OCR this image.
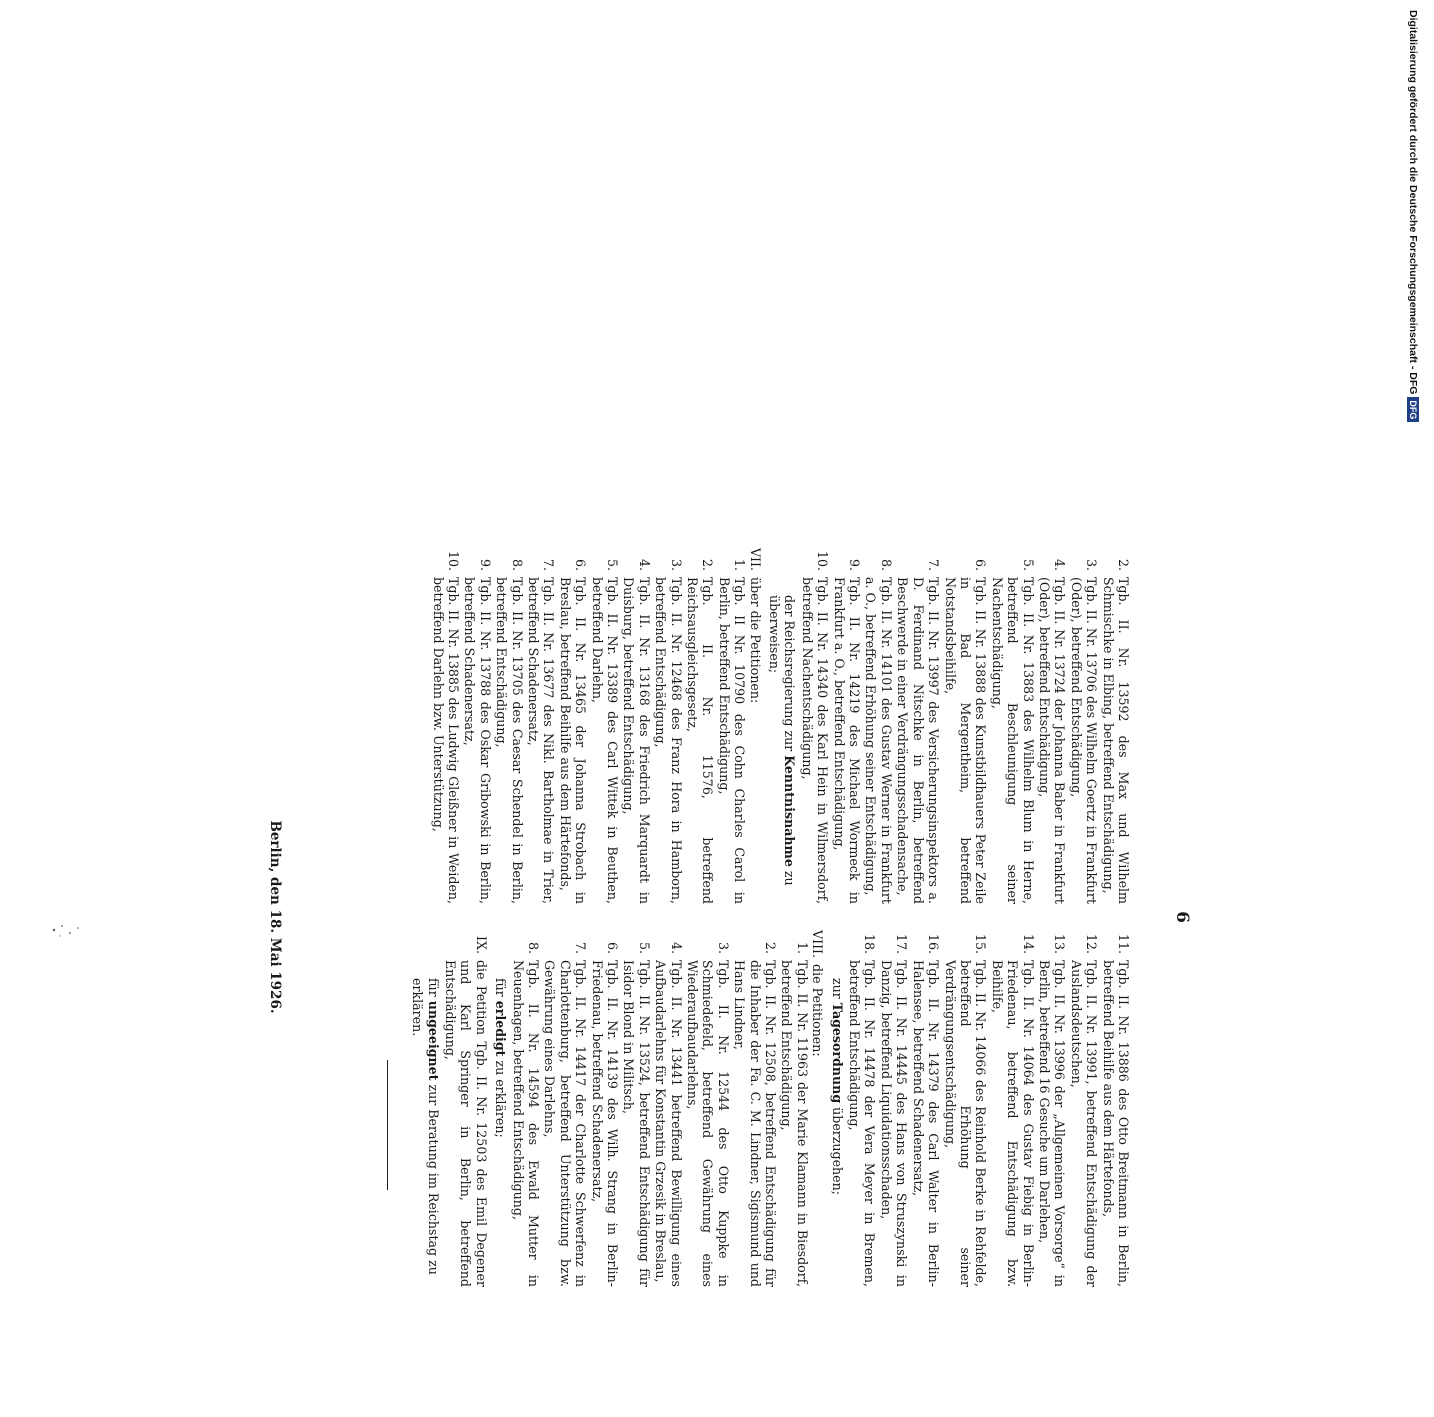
Digitalisierung gefördert durch die Deutsche Forschungsgemeinschaft - DFG DFG
6
2.
Tgb. II. Nr. 13592 des Max und Wilhelm Schmischke in Elbing, betreffend Entschädigung,
3.
Tgb. II. Nr. 13706 des Wilhelm Goertz in Frankfurt (Oder), betreffend Entschädigung,
4.
Tgb. II. Nr. 13724 der Johanna Baber in Frankfurt (Oder), betreffend Entschädigung,
5.
Tgb. II. Nr. 13883 des Wilhelm Blum in Herne, betreffend Beschleunigung seiner Nachentschädigung,
6.
Tgb. II. Nr. 13888 des Kunstbildhauers Peter Zeile in Bad Mergentheim, betreffend Notstandsbeihilfe,
7.
Tgb. II. Nr. 13997 des Versicherungsinspektors a. D. Ferdinand Nitschke in Berlin, betreffend Beschwerde in einer Verdrängungsschadensache,
8.
Tgb. II. Nr. 14101 des Gustav Werner in Frankfurt a. O., betreffend Erhöhung seiner Entschädigung,
9.
Tgb. II. Nr. 14219 des Michael Wormeck in Frankfurt a. O., betreffend Entschädigung,
10.
Tgb. II. Nr. 14340 des Karl Hein in Wilmersdorf, betreffend Nachentschädigung,
der Reichsregierung zur Kenntnisnahme zu überweisen;
VII.
über die Petitionen:
1.
Tgb. II Nr. 10790 des Cohn Charles Carol in Berlin, betreffend Entschädigung,
2.
Tgb. II. Nr. 11576, betreffend Reichsausgleichsgesetz,
3.
Tgb. II. Nr. 12468 des Franz Hora in Hamborn, betreffend Entschädigung,
4.
Tgb. II. Nr. 13168 des Friedrich Marquardt in Duisburg, betreffend Entschädigung,
5.
Tgb. II. Nr. 13389 des Carl Wittek in Beuthen, betreffend Darlehn,
6.
Tgb. II. Nr. 13465 der Johanna Strobach in Breslau, betreffend Beihilfe aus dem Härtefonds,
7.
Tgb. II. Nr. 13677 des Nikl. Bartholmae in Trier, betreffend Schadenersatz,
8.
Tgb. II. Nr. 13705 des Caesar Schendel in Berlin, betreffend Entschädigung,
9.
Tgb. II. Nr. 13788 des Oskar Gribowski in Berlin, betreffend Schadenersatz,
10.
Tgb. II. Nr. 13885 des Ludwig Gleißner in Weiden, betreffend Darlehn bzw. Unterstützung,
11.
Tgb. II. Nr. 13886 des Otto Breitmann in Berlin, betreffend Beihilfe aus dem Härtefonds,
12.
Tgb. II. Nr. 13991, betreffend Entschädigung der Auslandsdeutschen,
13.
Tgb. II. Nr. 13996 der „Allgemeinen Vorsorge“ in Berlin, betreffend 16 Gesuche um Darlehen,
14.
Tgb. II. Nr. 14064 des Gustav Fiebig in Berlin-Friedenau, betreffend Entschädigung bzw. Beihilfe,
15.
Tgb. II. Nr. 14066 des Reinhold Berke in Rehfelde, betreffend Erhöhung seiner Verdrängungsentschädigung,
16.
Tgb. II. Nr. 14379 des Carl Walter in Berlin-Halensee, betreffend Schadenersatz,
17.
Tgb. II. Nr. 14445 des Hans von Struszynski in Danzig, betreffend Liquidationsschaden,
18.
Tgb. II. Nr. 14478 der Vera Meyer in Bremen, betreffend Entschädigung,
zur Tagesordnung überzugehen;
VIII.
die Petitionen:
1.
Tgb. II. Nr. 11963 der Marie Klamann in Biesdorf, betreffend Entschädigung,
2.
Tgb. II. Nr. 12508, betreffend Entschädigung für die Inhaber der Fa. C. M. Lindner, Sigismund und Hans Lindner,
3.
Tgb. II. Nr. 12544 des Otto Kuppke in Schmiedefeld, betreffend Gewährung eines Wiederaufbaudarlehns,
4.
Tgb. II. Nr. 13441 betreffend Bewilligung eines Aufbaudarlehns für Konstantin Grzesik in Breslau,
5.
Tgb. II. Nr. 13524, betreffend Entschädigung für Isidor Blond in Militsch,
6.
Tgb. II. Nr. 14139 des Wilh. Strang in Berlin-Friedenau, betreffend Schadenersatz,
7.
Tgb. II. Nr. 14417 der Charlotte Schwerfenz in Charlottenburg, betreffend Unterstützung bzw. Gewährung eines Darlehns,
8.
Tgb. II. Nr. 14594 des Ewald Mutter in Neuenhagen, betreffend Entschädigung,
für erledigt zu erklären;
IX.
die Petition Tgb. II. Nr. 12503 des Emil Degener und Karl Springer in Berlin, betreffend Entschädigung,
für ungeeignet zur Beratung im Reichstag zu erklären.
Berlin, den 18. Mai 1926.
